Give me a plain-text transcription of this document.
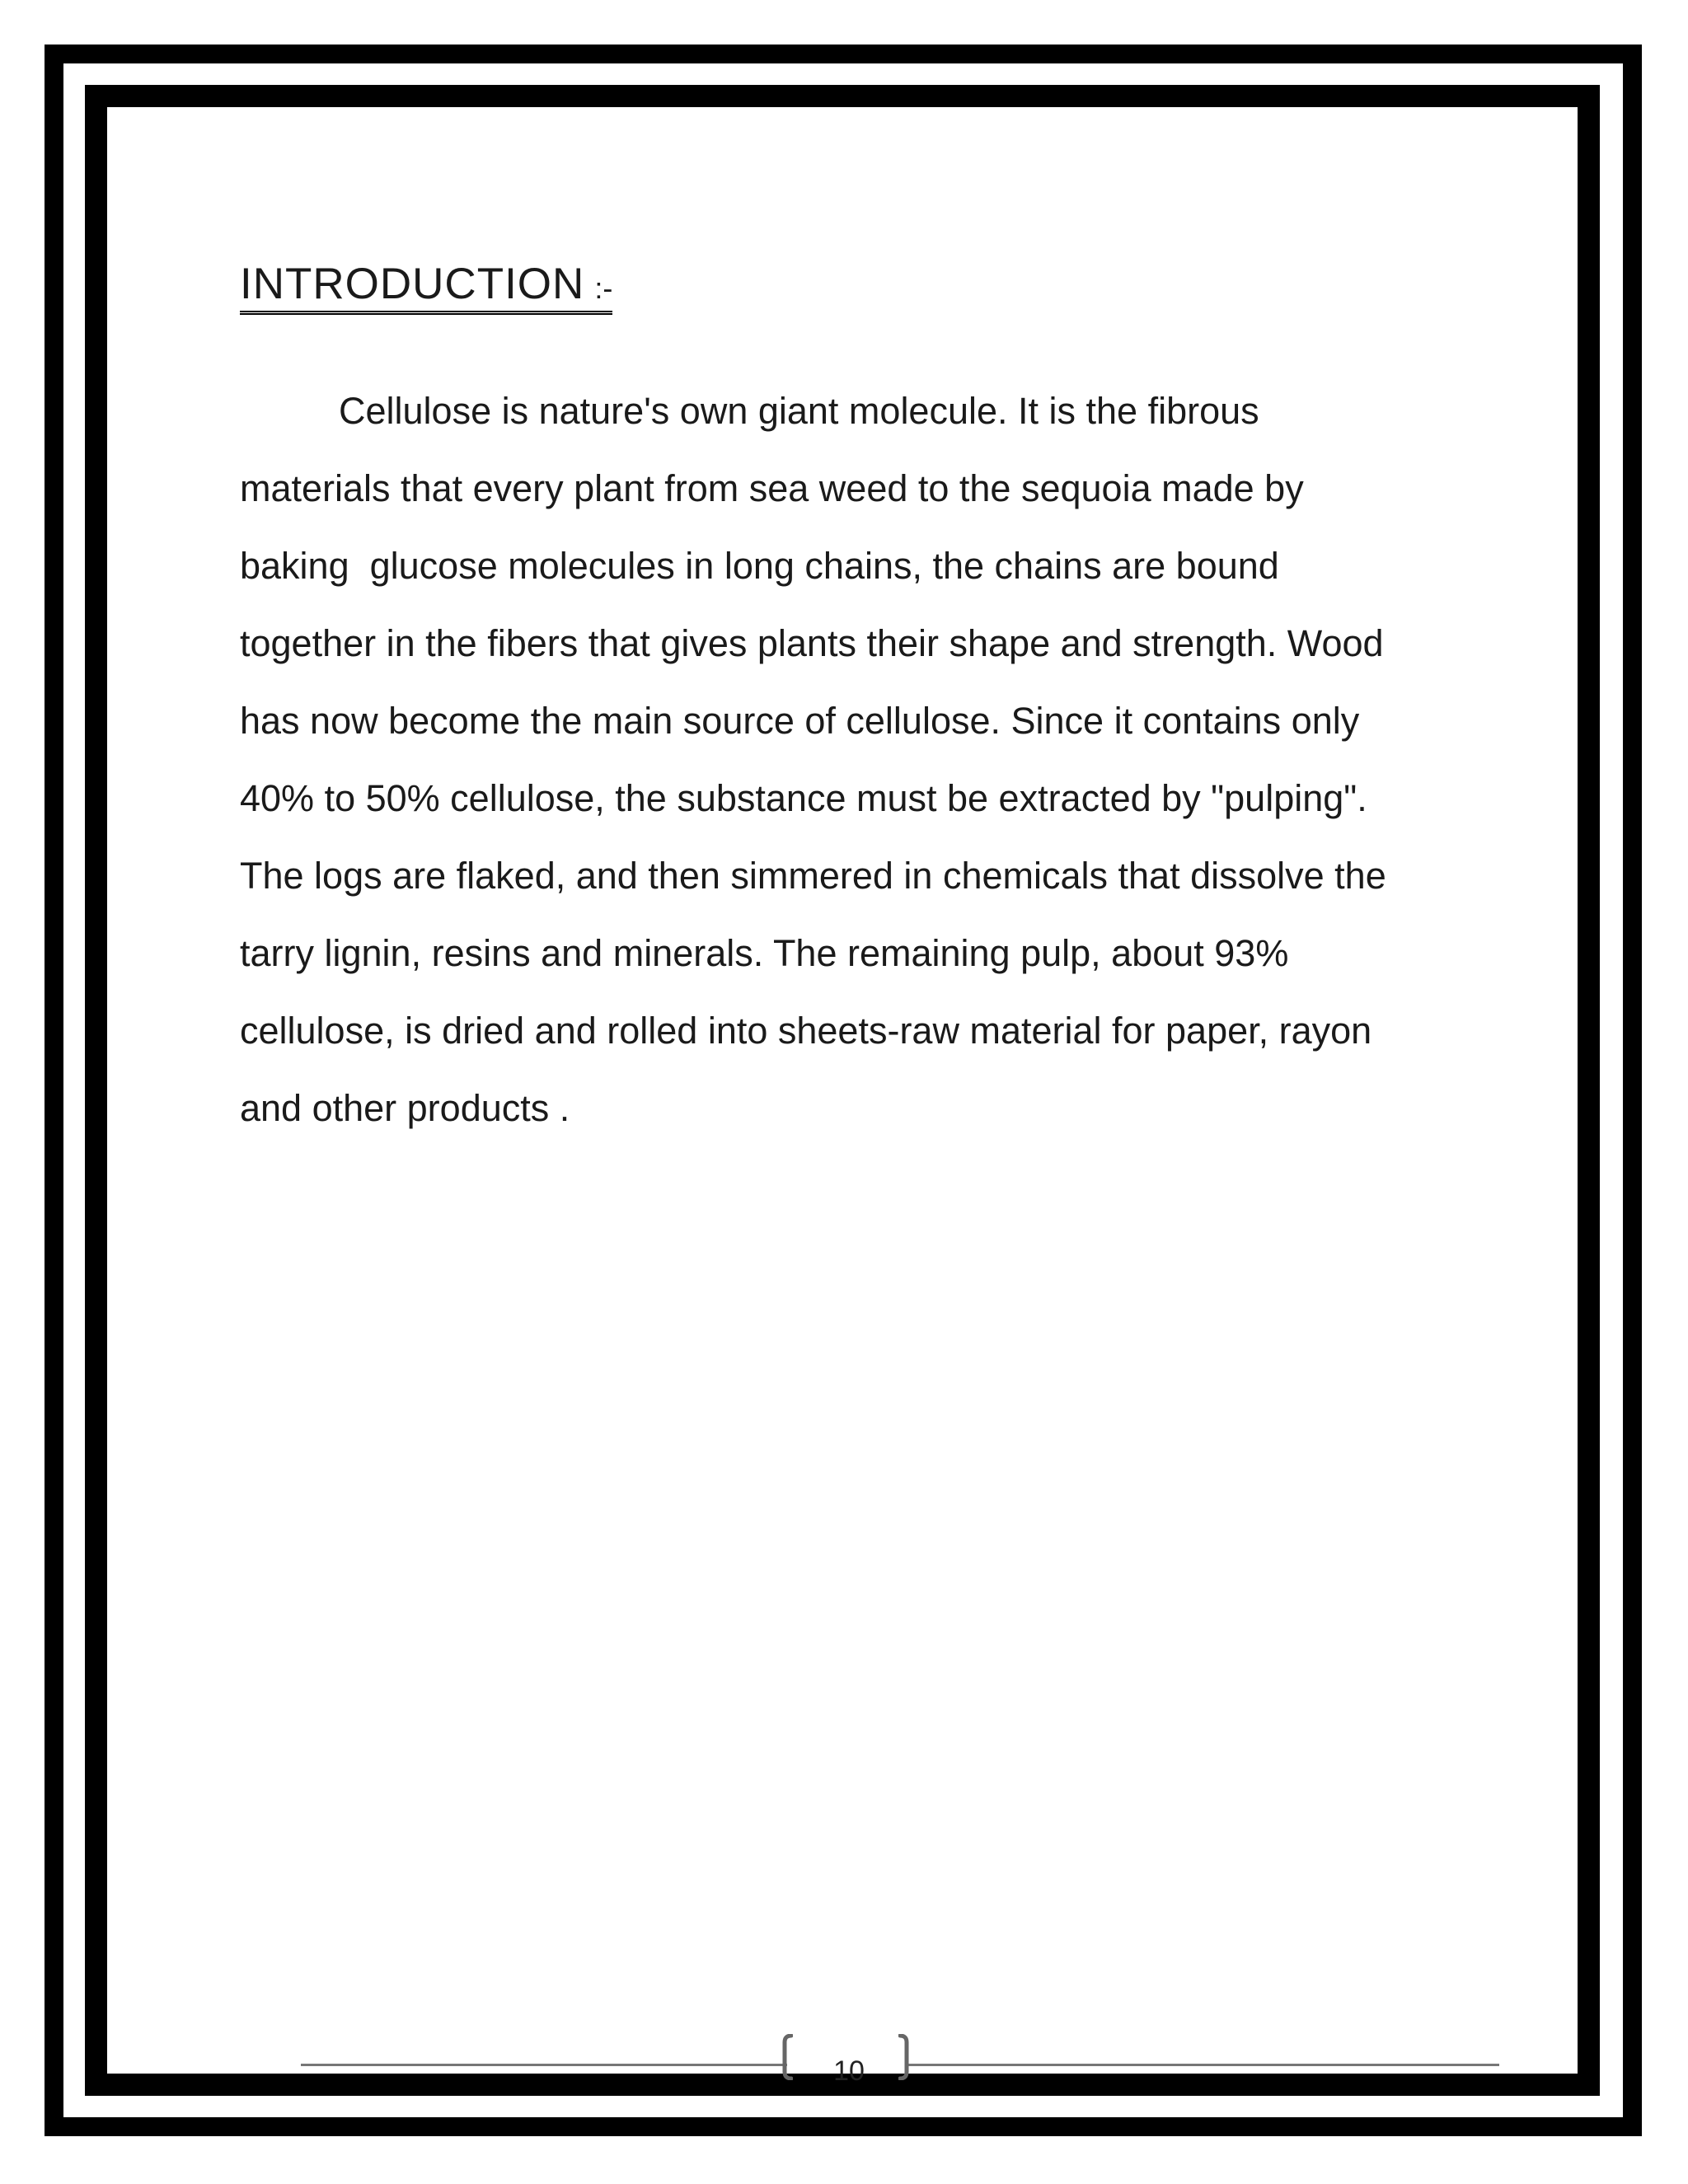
INTRODUCTION :-
Cellulose is nature's own giant molecule. It is the fibrous
materials that every plant from sea weed to the sequoia made by
baking  glucose molecules in long chains, the chains are bound
together in the fibers that gives plants their shape and strength. Wood
has now become the main source of cellulose. Since it contains only
40% to 50% cellulose, the substance must be extracted by "pulping".
The logs are flaked, and then simmered in chemicals that dissolve the
tarry lignin, resins and minerals. The remaining pulp, about 93%
cellulose, is dried and rolled into sheets-raw material for paper, rayon
and other products .
10
